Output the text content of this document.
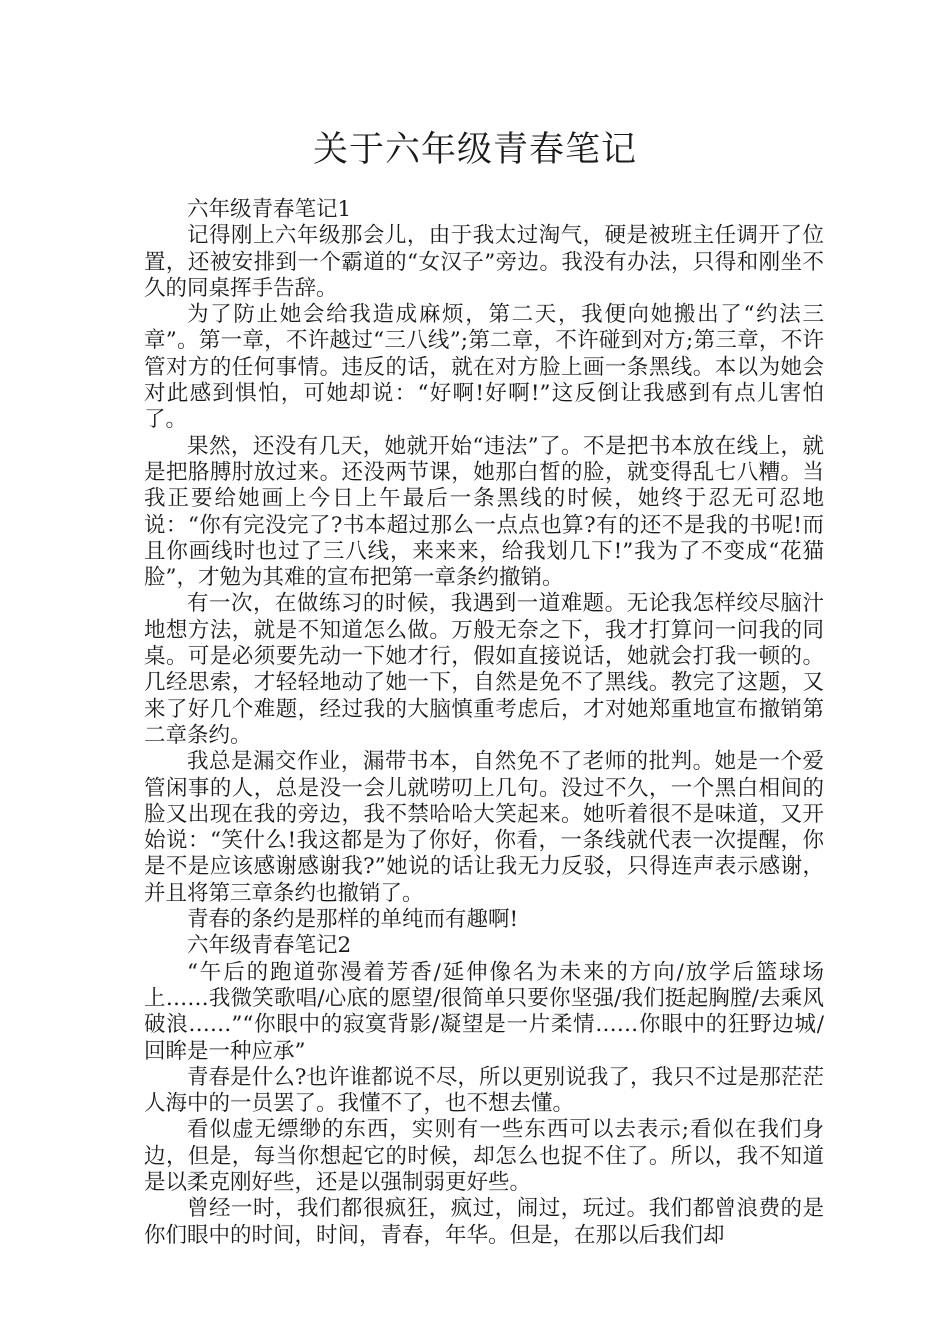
关于六年级青春笔记

六年级青春笔记1

记得刚上六年级那会儿，由于我太过淘气，硬是被班主任调开了位置，还被安排到一个霸道的“女汉子”旁边。我没有办法，只得和刚坐不久的同桌挥手告辞。

为了防止她会给我造成麻烦，第二天，我便向她搬出了“约法三章”。第一章，不许越过“三八线”;第二章，不许碰到对方;第三章，不许管对方的任何事情。违反的话，就在对方脸上画一条黑线。本以为她会对此感到惧怕，可她却说：“好啊!好啊!”这反倒让我感到有点儿害怕了。

果然，还没有几天，她就开始“违法”了。不是把书本放在线上，就是把胳膊肘放过来。还没两节课，她那白皙的脸，就变得乱七八糟。当我正要给她画上今日上午最后一条黑线的时候，她终于忍无可忍地说：“你有完没完了?书本超过那么一点点也算?有的还不是我的书呢!而且你画线时也过了三八线，来来来，给我划几下!”我为了不变成“花猫脸”，才勉为其难的宣布把第一章条约撤销。

有一次，在做练习的时候，我遇到一道难题。无论我怎样绞尽脑汁地想方法，就是不知道怎么做。万般无奈之下，我才打算问一问我的同桌。可是必须要先动一下她才行，假如直接说话，她就会打我一顿的。几经思索，才轻轻地动了她一下，自然是免不了黑线。教完了这题，又来了好几个难题，经过我的大脑慎重考虑后，才对她郑重地宣布撤销第二章条约。

我总是漏交作业，漏带书本，自然免不了老师的批判。她是一个爱管闲事的人，总是没一会儿就唠叨上几句。没过不久，一个黑白相间的脸又出现在我的旁边，我不禁哈哈大笑起来。她听着很不是味道，又开始说：“笑什么!我这都是为了你好，你看，一条线就代表一次提醒，你是不是应该感谢感谢我?”她说的话让我无力反驳，只得连声表示感谢，并且将第三章条约也撤销了。

青春的条约是那样的单纯而有趣啊!

六年级青春笔记2

“午后的跑道弥漫着芳香/延伸像名为未来的方向/放学后篮球场上……我微笑歌唱/心底的愿望/很简单只要你坚强/我们挺起胸膛/去乘风破浪……”“你眼中的寂寞背影/凝望是一片柔情……你眼中的狂野边城/回眸是一种应承”

青春是什么?也许谁都说不尽，所以更别说我了，我只不过是那茫茫人海中的一员罢了。我懂不了，也不想去懂。

看似虚无缥缈的东西，实则有一些东西可以去表示;看似在我们身边，但是，每当你想起它的时候，却怎么也捉不住了。所以，我不知道是以柔克刚好些，还是以强制弱更好些。

曾经一时，我们都很疯狂，疯过，闹过，玩过。我们都曾浪费的是你们眼中的时间，时间，青春，年华。但是，在那以后我们却
